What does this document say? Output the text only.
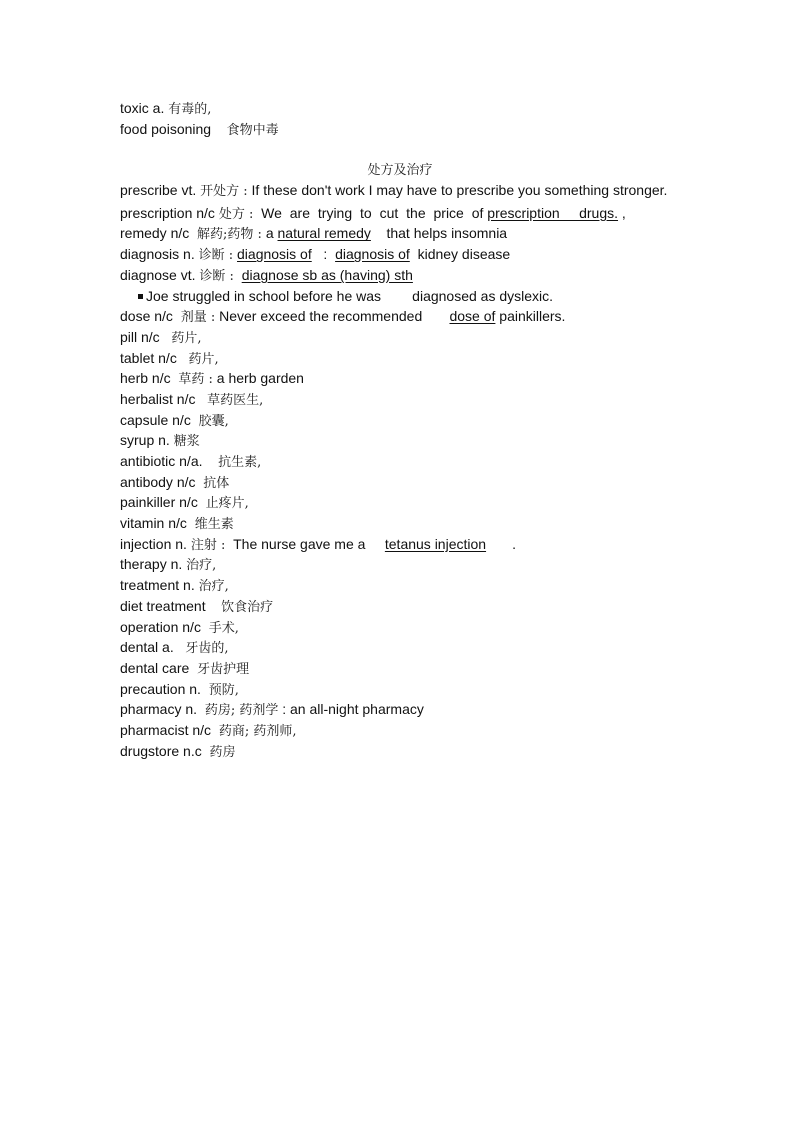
toxic a. 有毒的,
food poisoning 食物中毒
处方及治疗
prescribe vt. 开处方 : If these don't work I may have to prescribe you something stronger.
prescription n/c 处方 : We are trying to cut the price of prescription     drugs. ,
remedy n/c 解药;药物 : a natural remedy that helps insomnia
diagnosis n. 诊断 : diagnosis of : diagnosis of kidney disease
diagnose vt. 诊断 : diagnose sb as (having) sth
Joe struggled in school before he was diagnosed as dyslexic.
dose n/c 剂量 : Never exceed the recommended dose of painkillers.
pill n/c 药片,
tablet n/c 药片,
herb n/c 草药 : a herb garden
herbalist n/c 草药医生,
capsule n/c 胶囊,
syrup n. 糖浆
antibiotic n/a. 抗生素,
antibody n/c 抗体
painkiller n/c 止疼片,
vitamin n/c 维生素
injection n. 注射 : The nurse gave me a tetanus injection .
therapy n. 治疗,
treatment n. 治疗,
diet treatment 饮食治疗
operation n/c 手术,
dental a. 牙齿的,
dental care 牙齿护理
precaution n. 预防,
pharmacy n. 药房; 药剂学 : an all-night pharmacy
pharmacist n/c 药商; 药剂师,
drugstore n.c 药房
